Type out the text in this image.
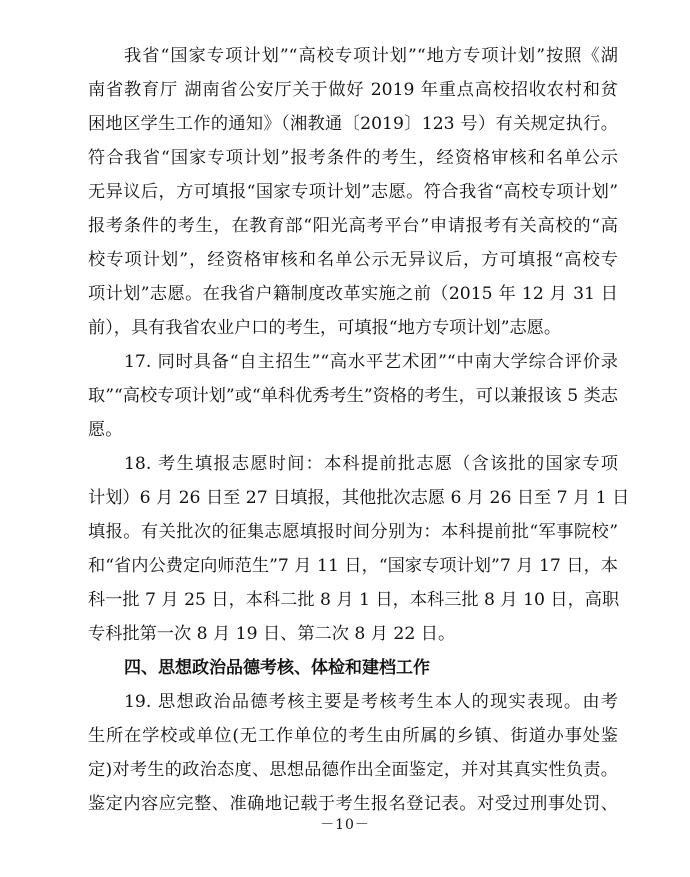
我省“国家专项计划”“高校专项计划”“地方专项计划”按照《湖
南省教育厅 湖南省公安厅关于做好 2019 年重点高校招收农村和贫
困地区学生工作的通知》（湘教通〔2019〕123 号）有关规定执行。
符合我省“国家专项计划”报考条件的考生，经资格审核和名单公示
无异议后，方可填报“国家专项计划”志愿。符合我省“高校专项计划”
报考条件的考生，在教育部“阳光高考平台”申请报考有关高校的“高
校专项计划”，经资格审核和名单公示无异议后，方可填报“高校专
项计划”志愿。在我省户籍制度改革实施之前（2015 年 12 月 31 日
前），具有我省农业户口的考生，可填报“地方专项计划”志愿。
17. 同时具备“自主招生”“高水平艺术团”“中南大学综合评价录
取”“高校专项计划”或“单科优秀考生”资格的考生，可以兼报该 5 类志
愿。
18. 考生填报志愿时间：本科提前批志愿（含该批的国家专项
计划）6 月 26 日至 27 日填报，其他批次志愿 6 月 26 日至 7 月 1 日
填报。有关批次的征集志愿填报时间分别为：本科提前批“军事院校”
和“省内公费定向师范生”7 月 11 日，“国家专项计划”7 月 17 日，本
科一批 7 月 25 日，本科二批 8 月 1 日，本科三批 8 月 10 日，高职
专科批第一次 8 月 19 日、第二次 8 月 22 日。
四、思想政治品德考核、体检和建档工作
19. 思想政治品德考核主要是考核考生本人的现实表现。由考
生所在学校或单位(无工作单位的考生由所属的乡镇、街道办事处鉴
定)对考生的政治态度、思想品德作出全面鉴定，并对其真实性负责。
鉴定内容应完整、准确地记载于考生报名登记表。对受过刑事处罚、
－10－
